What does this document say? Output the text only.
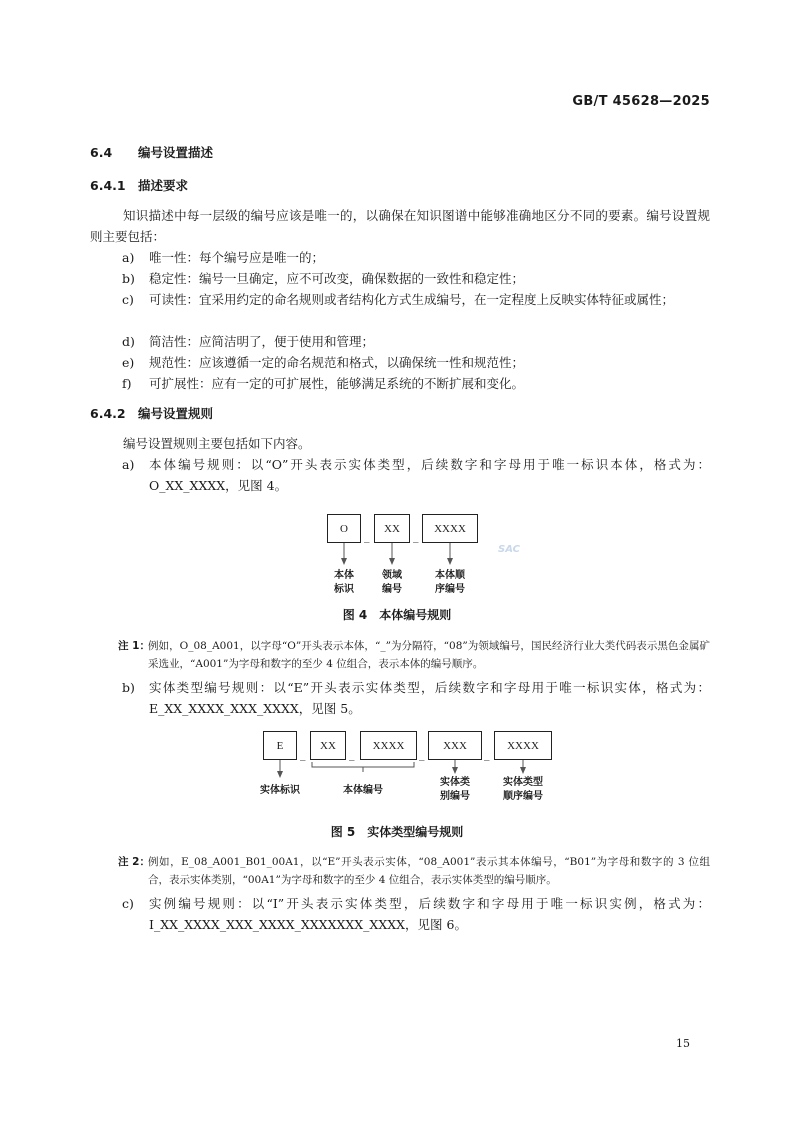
GB/T 45628—2025
6.4 编号设置描述
6.4.1 描述要求
知识描述中每一层级的编号应该是唯一的，以确保在知识图谱中能够准确地区分不同的要素。编号设置规则主要包括：
a)	唯一性：每个编号应是唯一的；
b)	稳定性：编号一旦确定，应不可改变，确保数据的一致性和稳定性；
c)	可读性：宜采用约定的命名规则或者结构化方式生成编号，在一定程度上反映实体特征或属性；
d)	简洁性：应简洁明了，便于使用和管理；
e)	规范性：应该遵循一定的命名规范和格式，以确保统一性和规范性；
f)	可扩展性：应有一定的可扩展性，能够满足系统的不断扩展和变化。
6.4.2 编号设置规则
编号设置规则主要包括如下内容。
a)	本体编号规则：以“O”开头表示实体类型，后续数字和字母用于唯一标识本体，格式为：O_XX_XXXX，见图 4。
O
_
XX
_
XXXX
SAC
本体
标识
领域
编号
本体顺
序编号
图 4 本体编号规则
注 1：
例如，O_08_A001，以字母“O”开头表示本体，“_”为分隔符，“08”为领域编号，国民经济行业大类代码表示黑色金属矿采选业，“A001”为字母和数字的至少 4 位组合，表示本体的编号顺序。
b)	实体类型编号规则：以“E”开头表示实体类型，后续数字和字母用于唯一标识实体，格式为：E_XX_XXXX_XXX_XXXX，见图 5。
E
_
XX
_
XXXX
_
XXX
_
XXXX
实体标识	本体编号
实体类
别编号
实体类型
顺序编号
图 5 实体类型编号规则
注 2：
例如，E_08_A001_B01_00A1，以“E”开头表示实体，“08_A001”表示其本体编号，“B01”为字母和数字的 3 位组合，表示实体类别，“00A1”为字母和数字的至少 4 位组合，表示实体类型的编号顺序。
c)	实例编号规则：以“I”开头表示实体类型，后续数字和字母用于唯一标识实例，格式为：I_XX_XXXX_XXX_XXXX_XXXXXXX_XXXX，见图 6。
15
